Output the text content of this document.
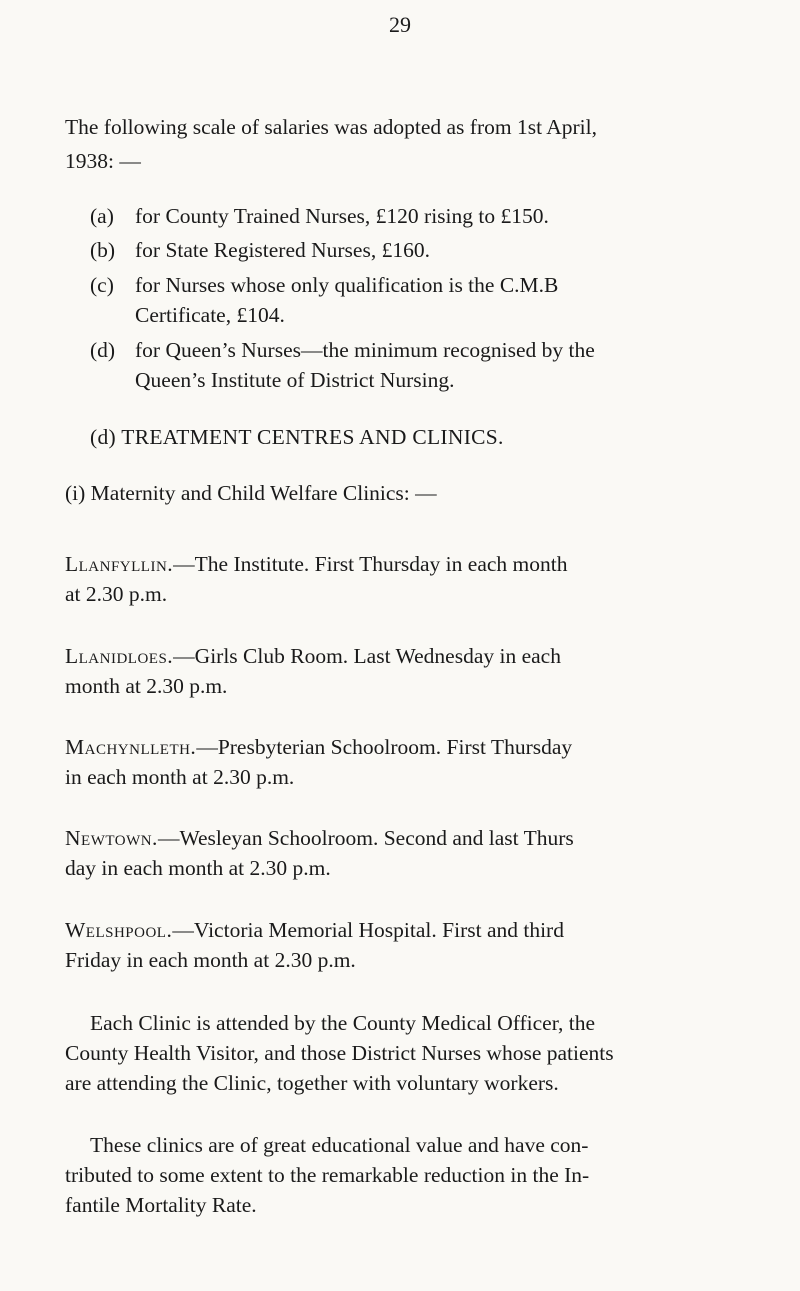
29
The following scale of salaries was adopted as from 1st April,
1938: —
(a) for County Trained Nurses, £120 rising to £150.
(b) for State Registered Nurses, £160.
(c) for Nurses whose only qualification is the C.M.B
Certificate, £104.
(d) for Queen’s Nurses—the minimum recognised by the
Queen’s Institute of District Nursing.
(d) TREATMENT CENTRES AND CLINICS.
(i) Maternity and Child Welfare Clinics: —
Llanfyllin.—The Institute. First Thursday in each month
at 2.30 p.m.
Llanidloes.—Girls Club Room. Last Wednesday in each
month at 2.30 p.m.
Machynlleth.—Presbyterian Schoolroom. First Thursday
in each month at 2.30 p.m.
Newtown.—Wesleyan Schoolroom. Second and last Thurs
day in each month at 2.30 p.m.
Welshpool.—Victoria Memorial Hospital. First and third
Friday in each month at 2.30 p.m.
Each Clinic is attended by the County Medical Officer, the
County Health Visitor, and those District Nurses whose patients
are attending the Clinic, together with voluntary workers.
These clinics are of great educational value and have con-
tributed to some extent to the remarkable reduction in the In-
fantile Mortality Rate.
